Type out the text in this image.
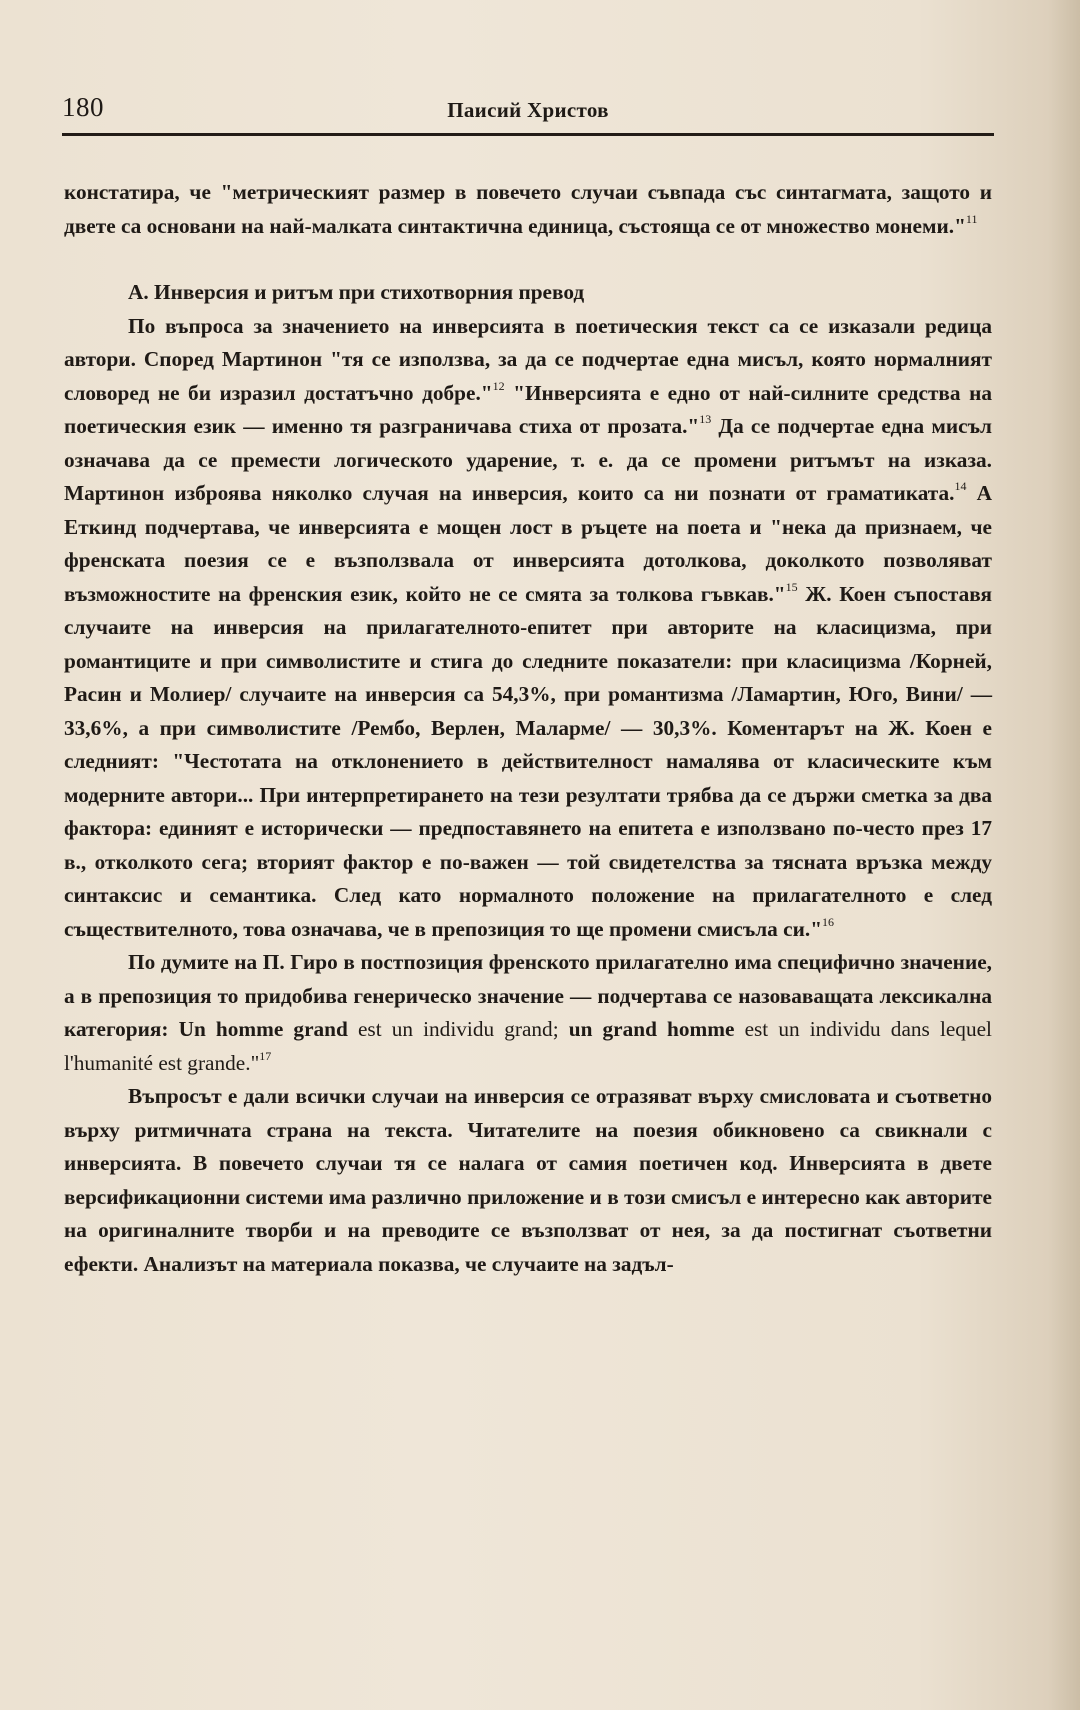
180	Паисий Христов

констатира, че "метрическият размер в повечето случаи съвпада със синтагмата, защото и двете са основани на най-малката синтактична единица, състояща се от множество монеми."$^{11}$

А. Инверсия и ритъм при стихотворния превод

По въпроса за значението на инверсията в поетическия текст са се изказали редица автори. Според Мартинон "тя се използва, за да се подчертае една мисъл, която нормалният словоред не би изразил достатъчно добре."$^{12}$ "Инверсията е едно от най-силните средства на поетическия език — именно тя разграничава стиха от прозата."$^{13}$ Да се подчертае една мисъл означава да се премести логическото ударение, т. е. да се промени ритъмът на изказа. Мартинон изброява няколко случая на инверсия, които са ни познати от граматиката.$^{14}$ А Еткинд подчертава, че инверсията е мощен лост в ръцете на поета и "нека да признаем, че френската поезия се е възползвала от инверсията дотолкова, доколкото позволяват възможностите на френския език, който не се смята за толкова гъвкав."$^{15}$ Ж. Коен съпоставя случаите на инверсия на прилагателното-епитет при авторите на класицизма, при романтиците и при символистите и стига до следните показатели: при класицизма /Корней, Расин и Молиер/ случаите на инверсия са 54,3%, при романтизма /Ламартин, Юго, Вини/ — 33,6%, а при символистите /Рембо, Верлен, Маларме/ — 30,3%. Коментарът на Ж. Коен е следният: "Честотата на отклонението в действителност намалява от класическите към модерните автори... При интерпретирането на тези резултати трябва да се държи сметка за два фактора: единият е исторически — предпоставянето на епитета е използвано по-често през 17 в., отколкото сега; вторият фактор е по-важен — той свидетелства за тясната връзка между синтаксис и семантика. След като нормалното положение на прилагателното е след съществителното, това означава, че в препозиция то ще промени смисъла си."$^{16}$

По думите на П. Гиро в постпозиция френското прилагателно има специфично значение, а в препозиция то придобива генерическо значение — подчертава се назоваващата лексикална категория: Un homme grand est un individu grand; un grand homme est un individu dans lequel l'humanité est grande."$^{17}$

Въпросът е дали всички случаи на инверсия се отразяват върху смисловата и съответно върху ритмичната страна на текста. Читателите на поезия обикновено са свикнали с инверсията. В повечето случаи тя се налага от самия поетичен код. Инверсията в двете версификационни системи има различно приложение и в този смисъл е интересно как авторите на оригиналните творби и на преводите се възползват от нея, за да постигнат съответни ефекти. Анализът на материала показва, че случаите на задъл-
